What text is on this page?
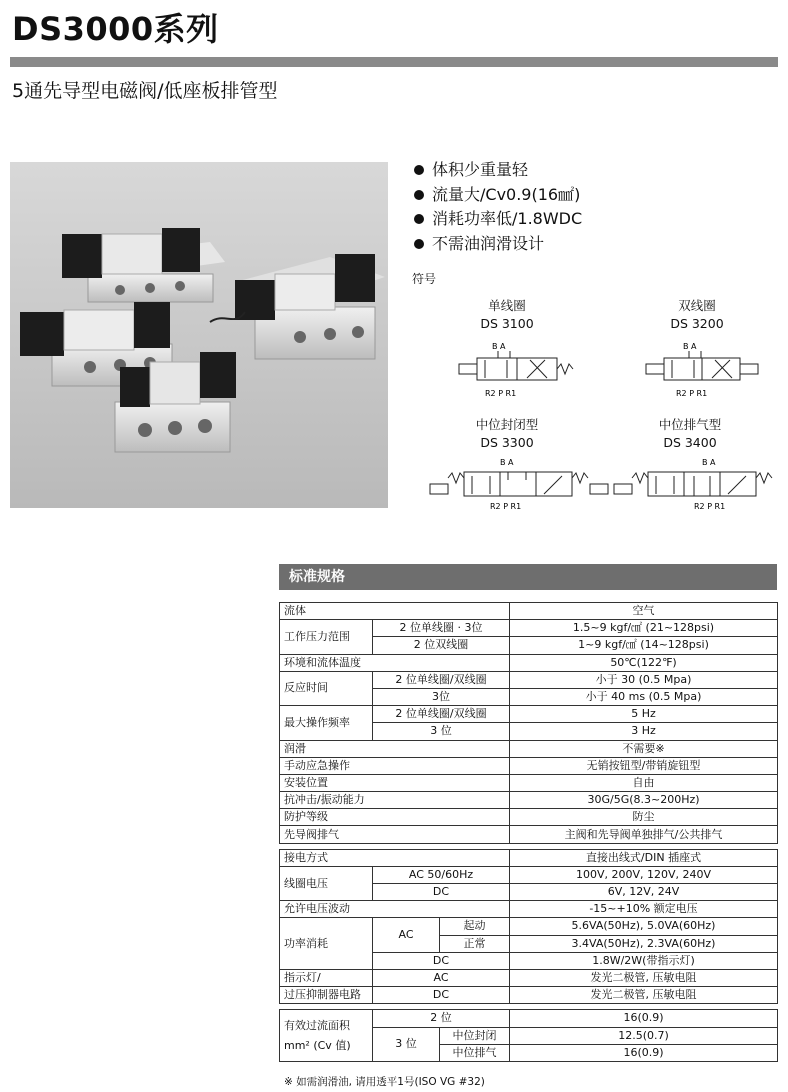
DS3000系列
5通先导型电磁阀/低座板排管型
体积少重量轻
流量大/Cv0.9(16㎟)
消耗功率低/1.8WDC
不需油润滑设计
符号
单线圈
DS 3100
B A
R2 P R1
双线圈
DS 3200
B A
R2 P R1
中位封闭型
DS 3300
B A
R2 P R1
中位排气型
DS 3400
B A
R2 P R1
标准规格
流体			空气
工作压力范围	2 位单线圈 · 3位		1.5~9 kgf/㎠ (21~128psi)
	2 位双线圈		1~9 kgf/㎠ (14~128psi)
环境和流体温度			50℃(122℉)
反应时间	2 位单线圈/双线圈		小于 30 (0.5 Mpa)
	3位		小于 40 ms (0.5 Mpa)
最大操作频率	2 位单线圈/双线圈		5 Hz
	3 位		3 Hz
润滑			不需要※
手动应急操作			无销按钮型/带销旋钮型
安装位置			自由
抗冲击/振动能力			30G/5G(8.3~200Hz)
防护等级			防尘
先导阀排气			主阀和先导阀单独排气/公共排气

接电方式			直接出线式/DIN 插座式
线圈电压	AC 50/60Hz		100V, 200V, 120V, 240V
	DC		6V, 12V, 24V
允许电压波动			-15~+10% 额定电压
功率消耗	AC	起动	5.6VA(50Hz), 5.0VA(60Hz)
		正常	3.4VA(50Hz), 2.3VA(60Hz)
	DC		1.8W/2W(带指示灯)
指示灯/	AC		发光二极管, 压敏电阻
过压抑制器电路	DC		发光二极管, 压敏电阻

有效过流面积
mm² (Cv 值)	2 位		16(0.9)
	3 位	中位封闭	12.5(0.7)
		中位排气	16(0.9)
※ 如需润滑油, 请用透平1号(ISO VG #32)
